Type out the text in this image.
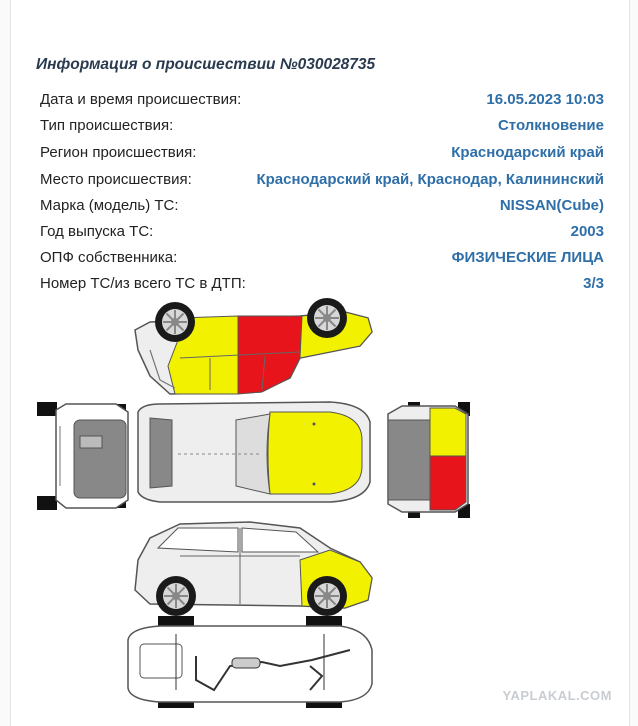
Информация о происшествии №030028735
Дата и время происшествия:	16.05.2023 10:03
Тип происшествия:	Столкновение
Регион происшествия:	Краснодарский край
Место происшествия:	Краснодарский край, Краснодар, Калининский
Марка (модель) ТС:	NISSAN(Cube)
Год выпуска ТС:	2003
ОПФ собственника:	ФИЗИЧЕСКИЕ ЛИЦА
Номер ТС/из всего ТС в ДТП:	3/3
YAPLAKAL.COM
